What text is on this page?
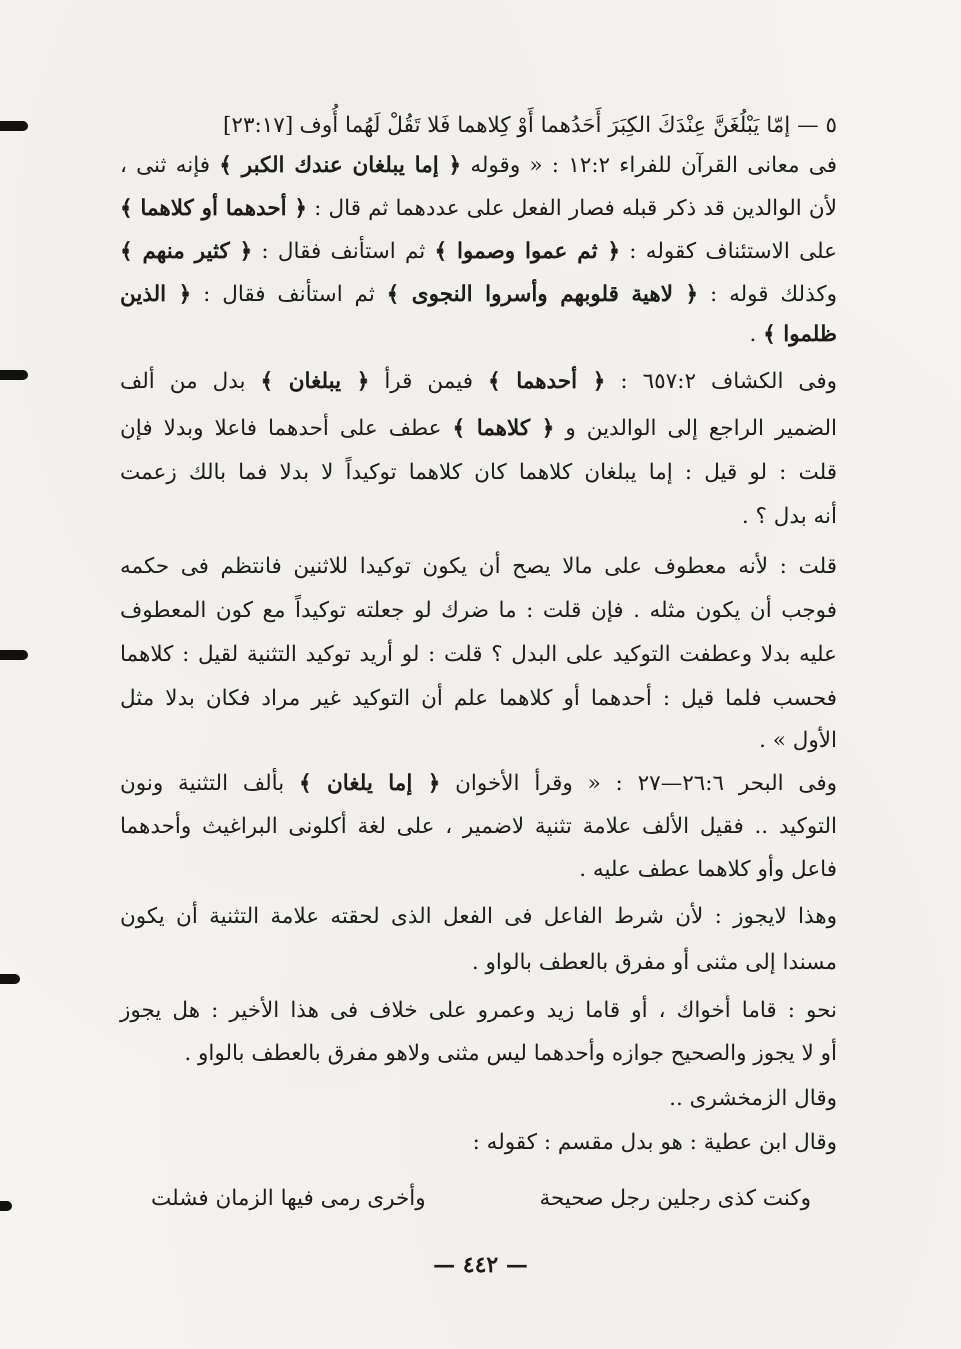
٥ — إمّا يَبْلُغَنَّ عِنْدَكَ الكِبَرَ أَحَدُهما أَوْ كِلاهما فَلا تَقُلْ لَهُما أُوف
[٢٣:١٧]
فى معانى القرآن للفراء ١٢:٢ : « وقوله ﴿ إما يبلغان عندك الكبر ﴾ فإنه ثنى ،
لأن الوالدين قد ذكر قبله فصار الفعل على عددهما ثم قال : ﴿ أحدهما أو كلاهما ﴾
على الاستئناف كقوله : ﴿ ثم عموا وصموا ﴾ ثم استأنف فقال : ﴿ كثير منهم ﴾
وكذلك قوله : ﴿ لاهية قلوبهم وأسروا النجوى ﴾ ثم استأنف فقال : ﴿ الذين
ظلموا ﴾ .
وفى الكشاف ٦٥٧:٢ : ﴿ أحدهما ﴾ فيمن قرأ ﴿ يبلغان ﴾ بدل من ألف
الضمير الراجع إلى الوالدين و ﴿ كلاهما ﴾ عطف على أحدهما فاعلا وبدلا فإن
قلت : لو قيل : إما يبلغان كلاهما كان كلاهما توكيداً لا بدلا فما بالك زعمت
أنه بدل ؟ .
قلت : لأنه معطوف على مالا يصح أن يكون توكيدا للاثنين فانتظم فى حكمه
فوجب أن يكون مثله . فإن قلت : ما ضرك لو جعلته توكيداً مع كون المعطوف
عليه بدلا وعطفت التوكيد على البدل ؟ قلت : لو أريد توكيد التثنية لقيل : كلاهما
فحسب فلما قيل : أحدهما أو كلاهما علم أن التوكيد غير مراد فكان بدلا مثل
الأول » .
وفى البحر ٢٦:٦—٢٧ : « وقرأ الأخوان ﴿ إما يلغان ﴾ بألف التثنية ونون
التوكيد .. فقيل الألف علامة تثنية لاضمير ، على لغة أكلونى البراغيث وأحدهما
فاعل وأو كلاهما عطف عليه .
وهذا لايجوز : لأن شرط الفاعل فى الفعل الذى لحقته علامة التثنية أن يكون
مسندا إلى مثنى أو مفرق بالعطف بالواو .
نحو : قاما أخواك ، أو قاما زيد وعمرو على خلاف فى هذا الأخير : هل يجوز
أو لا يجوز والصحيح جوازه وأحدهما ليس مثنى ولاهو مفرق بالعطف بالواو .
وقال الزمخشرى ..
وقال ابن عطية : هو بدل مقسم : كقوله :
وكنت كذى رجلين رجل صحيحة
وأخرى رمى فيها الزمان فشلت
— ٤٤٢ —
